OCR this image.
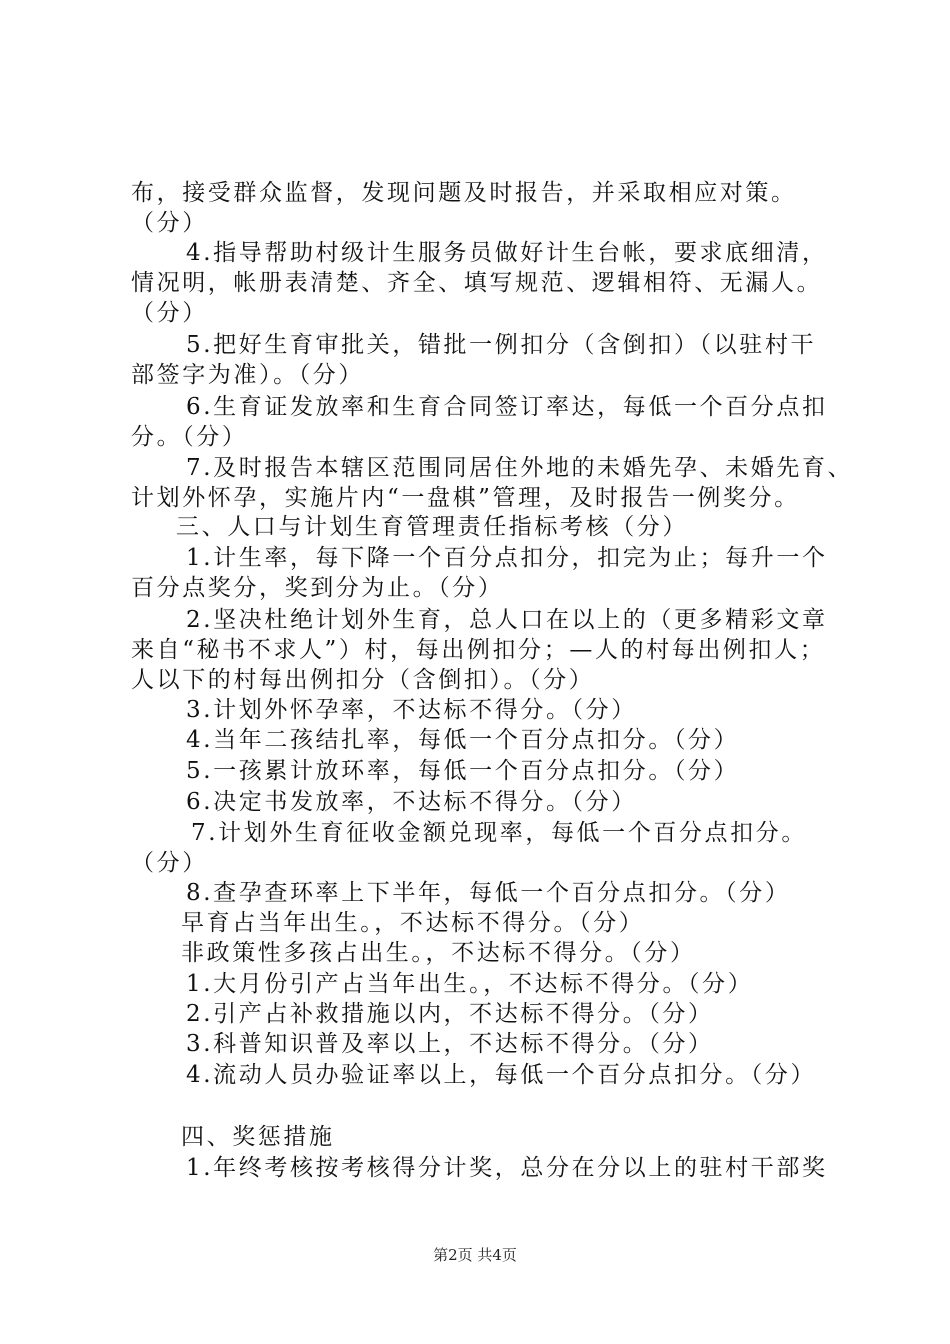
布，接受群众监督，发现问题及时报告，并采取相应对策。
（分）
4.指导帮助村级计生服务员做好计生台帐，要求底细清，
情况明，帐册表清楚、齐全、填写规范、逻辑相符、无漏人。
（分）
5.把好生育审批关，错批一例扣分（含倒扣）（以驻村干
部签字为准）。（分）
6.生育证发放率和生育合同签订率达，每低一个百分点扣
分。（分）
7.及时报告本辖区范围同居住外地的未婚先孕、未婚先育、
计划外怀孕，实施片内“一盘棋”管理，及时报告一例奖分。
三、人口与计划生育管理责任指标考核（分）
1.计生率，每下降一个百分点扣分，扣完为止；每升一个
百分点奖分，奖到分为止。（分）
2.坚决杜绝计划外生育，总人口在以上的（更多精彩文章
来自“秘书不求人”）村，每出例扣分；—人的村每出例扣人；
人以下的村每出例扣分（含倒扣）。（分）
3.计划外怀孕率，不达标不得分。（分）
4.当年二孩结扎率，每低一个百分点扣分。（分）
5.一孩累计放环率，每低一个百分点扣分。（分）
6.决定书发放率，不达标不得分。（分）
7.计划外生育征收金额兑现率，每低一个百分点扣分。
（分）
8.查孕查环率上下半年，每低一个百分点扣分。（分）
早育占当年出生。，不达标不得分。（分）
非政策性多孩占出生。，不达标不得分。（分）
1.大月份引产占当年出生。，不达标不得分。（分）
2.引产占补救措施以内，不达标不得分。（分）
3.科普知识普及率以上，不达标不得分。（分）
4.流动人员办验证率以上，每低一个百分点扣分。（分）
四、奖惩措施
1.年终考核按考核得分计奖，总分在分以上的驻村干部奖
第2页 共4页
